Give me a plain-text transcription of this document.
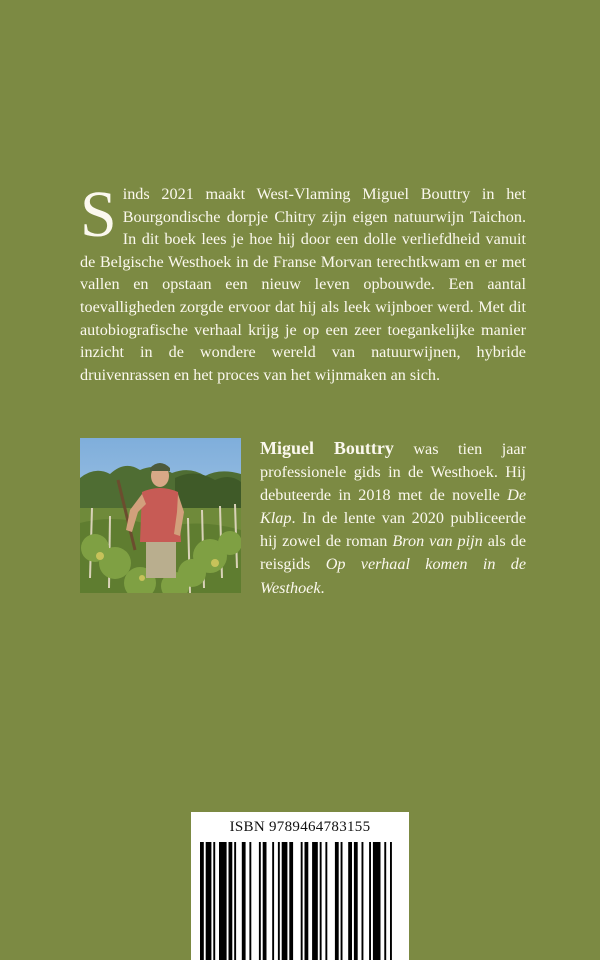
Sinds 2021 maakt West-Vlaming Miguel Bouttry in het Bourgondische dorpje Chitry zijn eigen natuurwijn Taichon. In dit boek lees je hoe hij door een dolle verliefdheid vanuit de Belgische Westhoek in de Franse Morvan terechtkwam en er met vallen en opstaan een nieuw leven opbouwde. Een aantal toevalligheden zorgde ervoor dat hij als leek wijnboer werd. Met dit autobiografische verhaal krijg je op een zeer toegankelijke manier inzicht in de wondere wereld van natuurwijnen, hybride druivenrassen en het proces van het wijnmaken an sich.
Miguel Bouttry was tien jaar professionele gids in de Westhoek. Hij debuteerde in 2018 met de novelle De Klap. In de lente van 2020 publiceerde hij zowel de roman Bron van pijn als de reisgids Op verhaal komen in de Westhoek.
ISBN 9789464783155
